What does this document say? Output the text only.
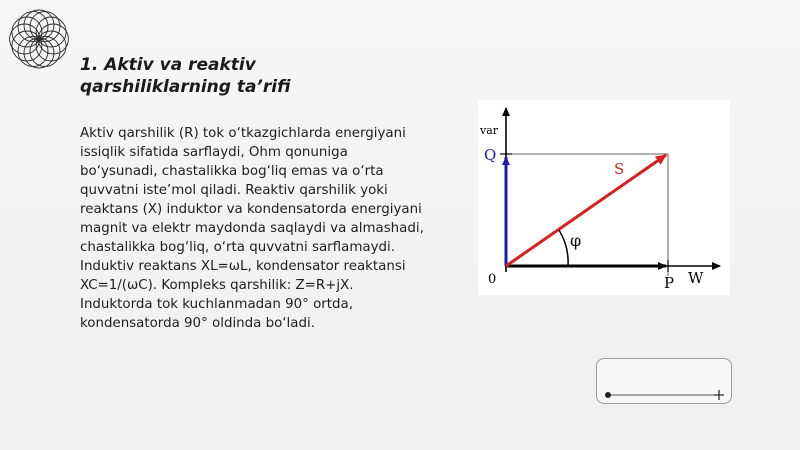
1. Aktiv va reaktiv qarshiliklarning ta’rifi

Aktiv qarshilik (R) tok o‘tkazgichlarda energiyani issiqlik sifatida sarflaydi, Ohm qonuniga bo‘ysunadi, chastalikka bog‘liq emas va o‘rta quvvatni iste’mol qiladi. Reaktiv qarshilik yoki reaktans (X) induktor va kondensatorda energiyani magnit va elektr maydonda saqlaydi va almashadi, chastalikka bog‘liq, o‘rta quvvatni sarflamaydi. Induktiv reaktans XL=ωL, kondensator reaktansi XC=1/(ωC). Kompleks qarshilik: Z=R+jX. Induktorda tok kuchlanmadan 90° ortda, kondensatorda 90° oldinda bo‘ladi.

var
Q
S
φ
0	P W
